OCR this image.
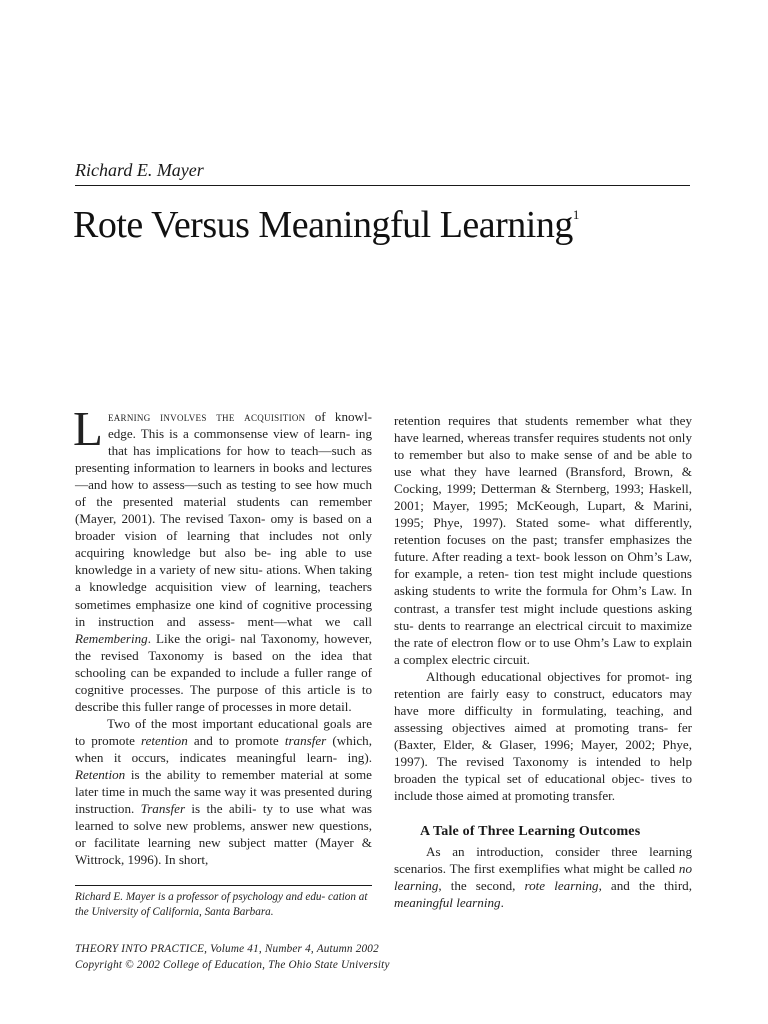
Richard E. Mayer
Rote Versus Meaningful Learning$^1$

Learning involves the acquisition of knowl- edge. This is a commonsense view of learn- ing that has implications for how to teach—such as presenting information to learners in books and lectures—and how to assess—such as testing to see how much of the presented material students can remember (Mayer, 2001). The revised Taxon- omy is based on a broader vision of learning that includes not only acquiring knowledge but also be- ing able to use knowledge in a variety of new situ- ations. When taking a knowledge acquisition view of learning, teachers sometimes emphasize one kind of cognitive processing in instruction and assess- ment—what we call Remembering. Like the origi- nal Taxonomy, however, the revised Taxonomy is based on the idea that schooling can be expanded to include a fuller range of cognitive processes. The purpose of this article is to describe this fuller range of processes in more detail.

Two of the most important educational goals are to promote retention and to promote transfer (which, when it occurs, indicates meaningful learn- ing). Retention is the ability to remember material at some later time in much the same way it was presented during instruction. Transfer is the abili- ty to use what was learned to solve new problems, answer new questions, or facilitate learning new subject matter (Mayer & Wittrock, 1996). In short,

Richard E. Mayer is a professor of psychology and edu- cation at the University of California, Santa Barbara.
THEORY INTO PRACTICE, Volume 41, Number 4, Autumn 2002
Copyright © 2002 College of Education, The Ohio State University

retention requires that students remember what they have learned, whereas transfer requires students not only to remember but also to make sense of and be able to use what they have learned (Bransford, Brown, & Cocking, 1999; Detterman & Sternberg, 1993; Haskell, 2001; Mayer, 1995; McKeough, Lupart, & Marini, 1995; Phye, 1997). Stated some- what differently, retention focuses on the past; transfer emphasizes the future. After reading a text- book lesson on Ohm’s Law, for example, a reten- tion test might include questions asking students to write the formula for Ohm’s Law. In contrast, a transfer test might include questions asking stu- dents to rearrange an electrical circuit to maximize the rate of electron flow or to use Ohm’s Law to explain a complex electric circuit.

Although educational objectives for promot- ing retention are fairly easy to construct, educators may have more difficulty in formulating, teaching, and assessing objectives aimed at promoting trans- fer (Baxter, Elder, & Glaser, 1996; Mayer, 2002; Phye, 1997). The revised Taxonomy is intended to help broaden the typical set of educational objec- tives to include those aimed at promoting transfer.

A Tale of Three Learning Outcomes

As an introduction, consider three learning scenarios. The first exemplifies what might be called no learning, the second, rote learning, and the third, meaningful learning.
